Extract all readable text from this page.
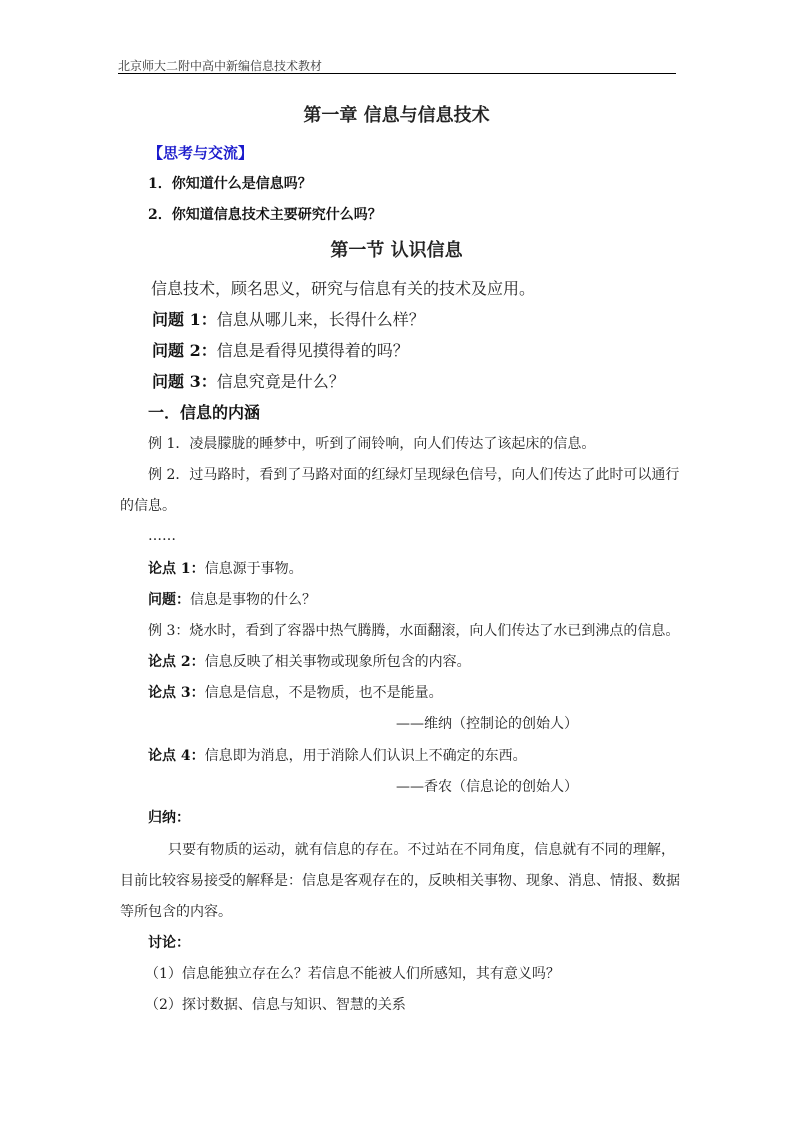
北京师大二附中高中新编信息技术教材
第一章 信息与信息技术
【思考与交流】
1．你知道什么是信息吗？
2．你知道信息技术主要研究什么吗？
第一节 认识信息
信息技术，顾名思义，研究与信息有关的技术及应用。
问题 1：信息从哪儿来，长得什么样？
问题 2：信息是看得见摸得着的吗？
问题 3：信息究竟是什么？
一．信息的内涵
例 1．凌晨朦胧的睡梦中，听到了闹铃响，向人们传达了该起床的信息。
例 2．过马路时，看到了马路对面的红绿灯呈现绿色信号，向人们传达了此时可以通行
的信息。
……
论点 1：信息源于事物。
问题：信息是事物的什么？
例 3：烧水时，看到了容器中热气腾腾，水面翻滚，向人们传达了水已到沸点的信息。
论点 2：信息反映了相关事物或现象所包含的内容。
论点 3：信息是信息，不是物质，也不是能量。
——维纳（控制论的创始人）
论点 4：信息即为消息，用于消除人们认识上不确定的东西。
——香农（信息论的创始人）
归纳：
只要有物质的运动，就有信息的存在。不过站在不同角度，信息就有不同的理解，
目前比较容易接受的解释是：信息是客观存在的，反映相关事物、现象、消息、情报、数据
等所包含的内容。
讨论：
（1）信息能独立存在么？若信息不能被人们所感知，其有意义吗？
（2）探讨数据、信息与知识、智慧的关系
